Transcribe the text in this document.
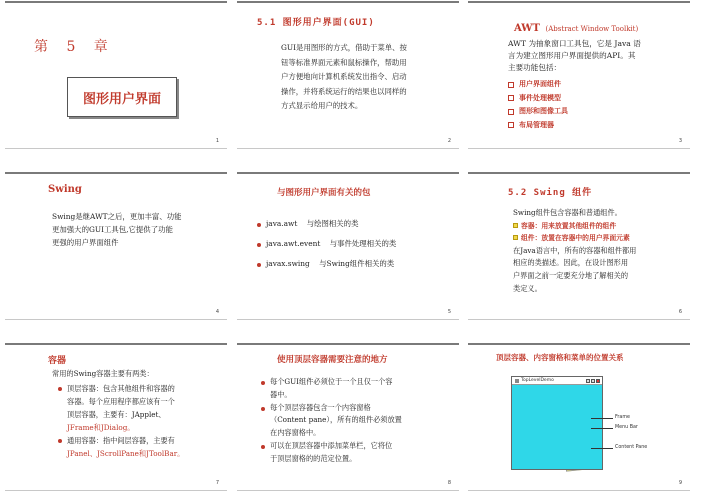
第 5 章
图形用户界面
1
5.1 图形用户界面(GUI)
GUI是用图形的方式，借助于菜单、按
钮等标准界面元素和鼠标操作，帮助用
户方便地向计算机系统发出指令、启动
操作，并将系统运行的结果也以同样的
方式显示给用户的技术。
2
AWT (Abstract Window Toolkit)
AWT 为抽象窗口工具包，它是 Java 语
言为建立图形用户界面提供的API。其
主要功能包括：
用户界面组件
事件处理模型
图形和图像工具
布局管理器
3
Swing
Swing是继AWT之后，更加丰富、功能
更加强大的GUI工具包,它提供了功能
更强的用户界面组件
4
与图形用户界面有关的包
java.awt    与绘图相关的类
java.awt.event    与事件处理相关的类
javax.swing    与Swing组件相关的类
5
5.2 Swing 组件
Swing组件包含容器和普通组件。
容器：用来放置其他组件的组件
组件：放置在容器中的用户界面元素
在Java语言中，所有的容器和组件都用
相应的类描述。因此，在设计图形用
户界面之前一定要充分地了解相关的
类定义。
6
容器
常用的Swing容器主要有两类：
顶层容器：包含其他组件和容器的
容器。每个应用程序都应该有一个
顶层容器，主要有：JApplet、
JFrame和JDialog。
通用容器：指中间层容器，主要有
JPanel、JScrollPane和JToolBar。
7
使用顶层容器需要注意的地方
每个GUI组件必须位于一个且仅一个容
器中。
每个顶层容器包含一个内容窗格
（Content pane），所有的组件必须放置
在内容窗格中。
可以在顶层容器中添加菜单栏，它将位
于顶层窗格的的范定位置。
8
顶层容器、内容窗格和菜单的位置关系
TopLevelDemo
Frame
Menu Bar
Content Pane
9
